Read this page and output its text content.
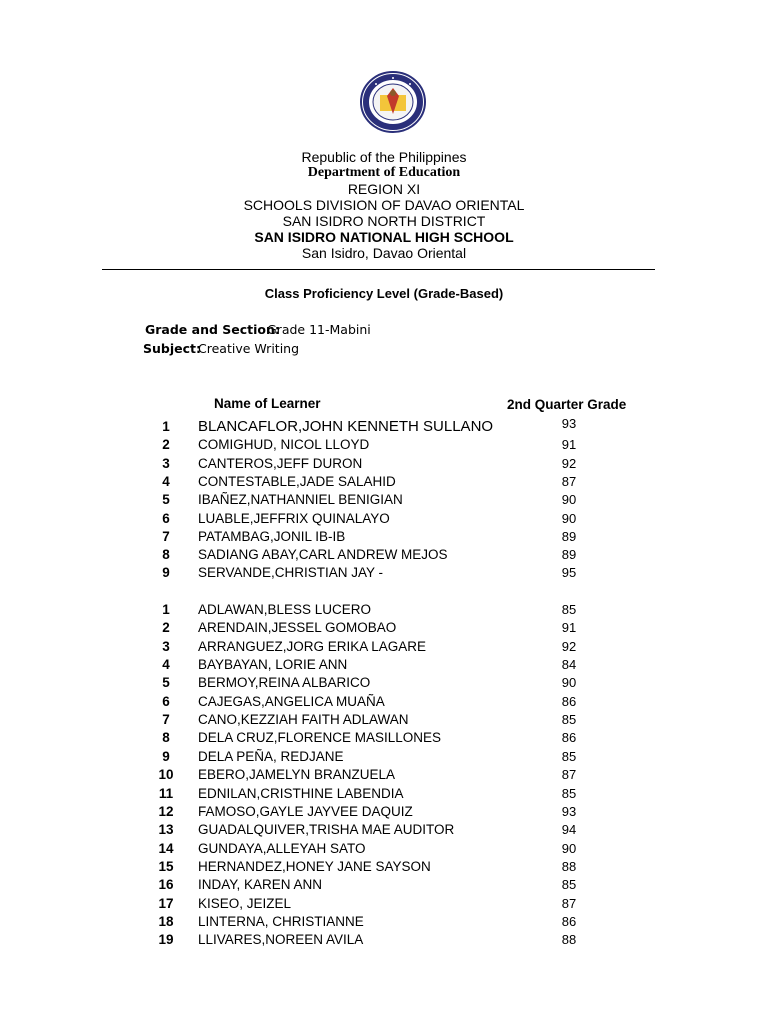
Republic of the Philippines
Department of Education
REGION XI
SCHOOLS DIVISION OF DAVAO ORIENTAL
SAN ISIDRO NORTH DISTRICT
SAN ISIDRO NATIONAL HIGH SCHOOL
San Isidro, Davao Oriental
Class Proficiency Level (Grade-Based)
Grade and Section:
Grade 11-Mabini
Subject:
Creative Writing
Name of Learner	2nd Quarter Grade
1	BLANCAFLOR,JOHN KENNETH SULLANO	93
2	COMIGHUD, NICOL LLOYD	91
3	CANTEROS,JEFF DURON	92
4	CONTESTABLE,JADE SALAHID	87
5	IBAÑEZ,NATHANNIEL BENIGIAN	90
6	LUABLE,JEFFRIX QUINALAYO	90
7	PATAMBAG,JONIL IB-IB	89
8	SADIANG ABAY,CARL ANDREW MEJOS	89
9	SERVANDE,CHRISTIAN JAY -	95
1	ADLAWAN,BLESS LUCERO	85
2	ARENDAIN,JESSEL GOMOBAO	91
3	ARRANGUEZ,JORG ERIKA LAGARE	92
4	BAYBAYAN, LORIE ANN	84
5	BERMOY,REINA ALBARICO	90
6	CAJEGAS,ANGELICA MUAÑA	86
7	CANO,KEZZIAH FAITH ADLAWAN	85
8	DELA CRUZ,FLORENCE MASILLONES	86
9	DELA PEÑA, REDJANE	85
10	EBERO,JAMELYN BRANZUELA	87
11	EDNILAN,CRISTHINE LABENDIA	85
12	FAMOSO,GAYLE JAYVEE DAQUIZ	93
13	GUADALQUIVER,TRISHA MAE AUDITOR	94
14	GUNDAYA,ALLEYAH SATO	90
15	HERNANDEZ,HONEY JANE SAYSON	88
16	INDAY, KAREN ANN	85
17	KISEO, JEIZEL	87
18	LINTERNA, CHRISTIANNE	86
19	LLIVARES,NOREEN AVILA	88
